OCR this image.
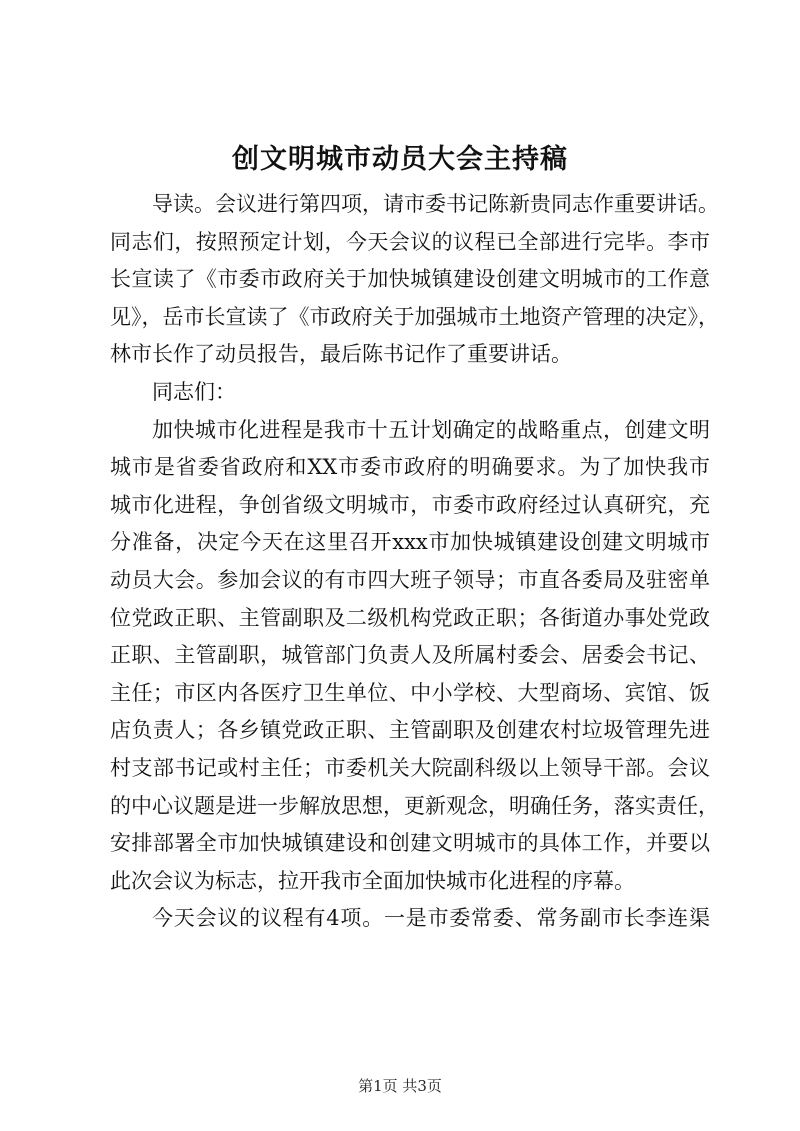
创文明城市动员大会主持稿
导读。会议进行第四项，请市委书记陈新贵同志作重要讲话。
同志们，按照预定计划，今天会议的议程已全部进行完毕。李市
长宣读了《市委市政府关于加快城镇建设创建文明城市的工作意
见》，岳市长宣读了《市政府关于加强城市土地资产管理的决定》，
林市长作了动员报告，最后陈书记作了重要讲话。
同志们：
加快城市化进程是我市十五计划确定的战略重点，创建文明
城市是省委省政府和XX市委市政府的明确要求。为了加快我市
城市化进程，争创省级文明城市，市委市政府经过认真研究，充
分准备，决定今天在这里召开xxx市加快城镇建设创建文明城市
动员大会。参加会议的有市四大班子领导；市直各委局及驻密单
位党政正职、主管副职及二级机构党政正职；各街道办事处党政
正职、主管副职，城管部门负责人及所属村委会、居委会书记、
主任；市区内各医疗卫生单位、中小学校、大型商场、宾馆、饭
店负责人；各乡镇党政正职、主管副职及创建农村垃圾管理先进
村支部书记或村主任；市委机关大院副科级以上领导干部。会议
的中心议题是进一步解放思想，更新观念，明确任务，落实责任，
安排部署全市加快城镇建设和创建文明城市的具体工作，并要以
此次会议为标志，拉开我市全面加快城市化进程的序幕。
今天会议的议程有4项。一是市委常委、常务副市长李连渠
第1页 共3页
